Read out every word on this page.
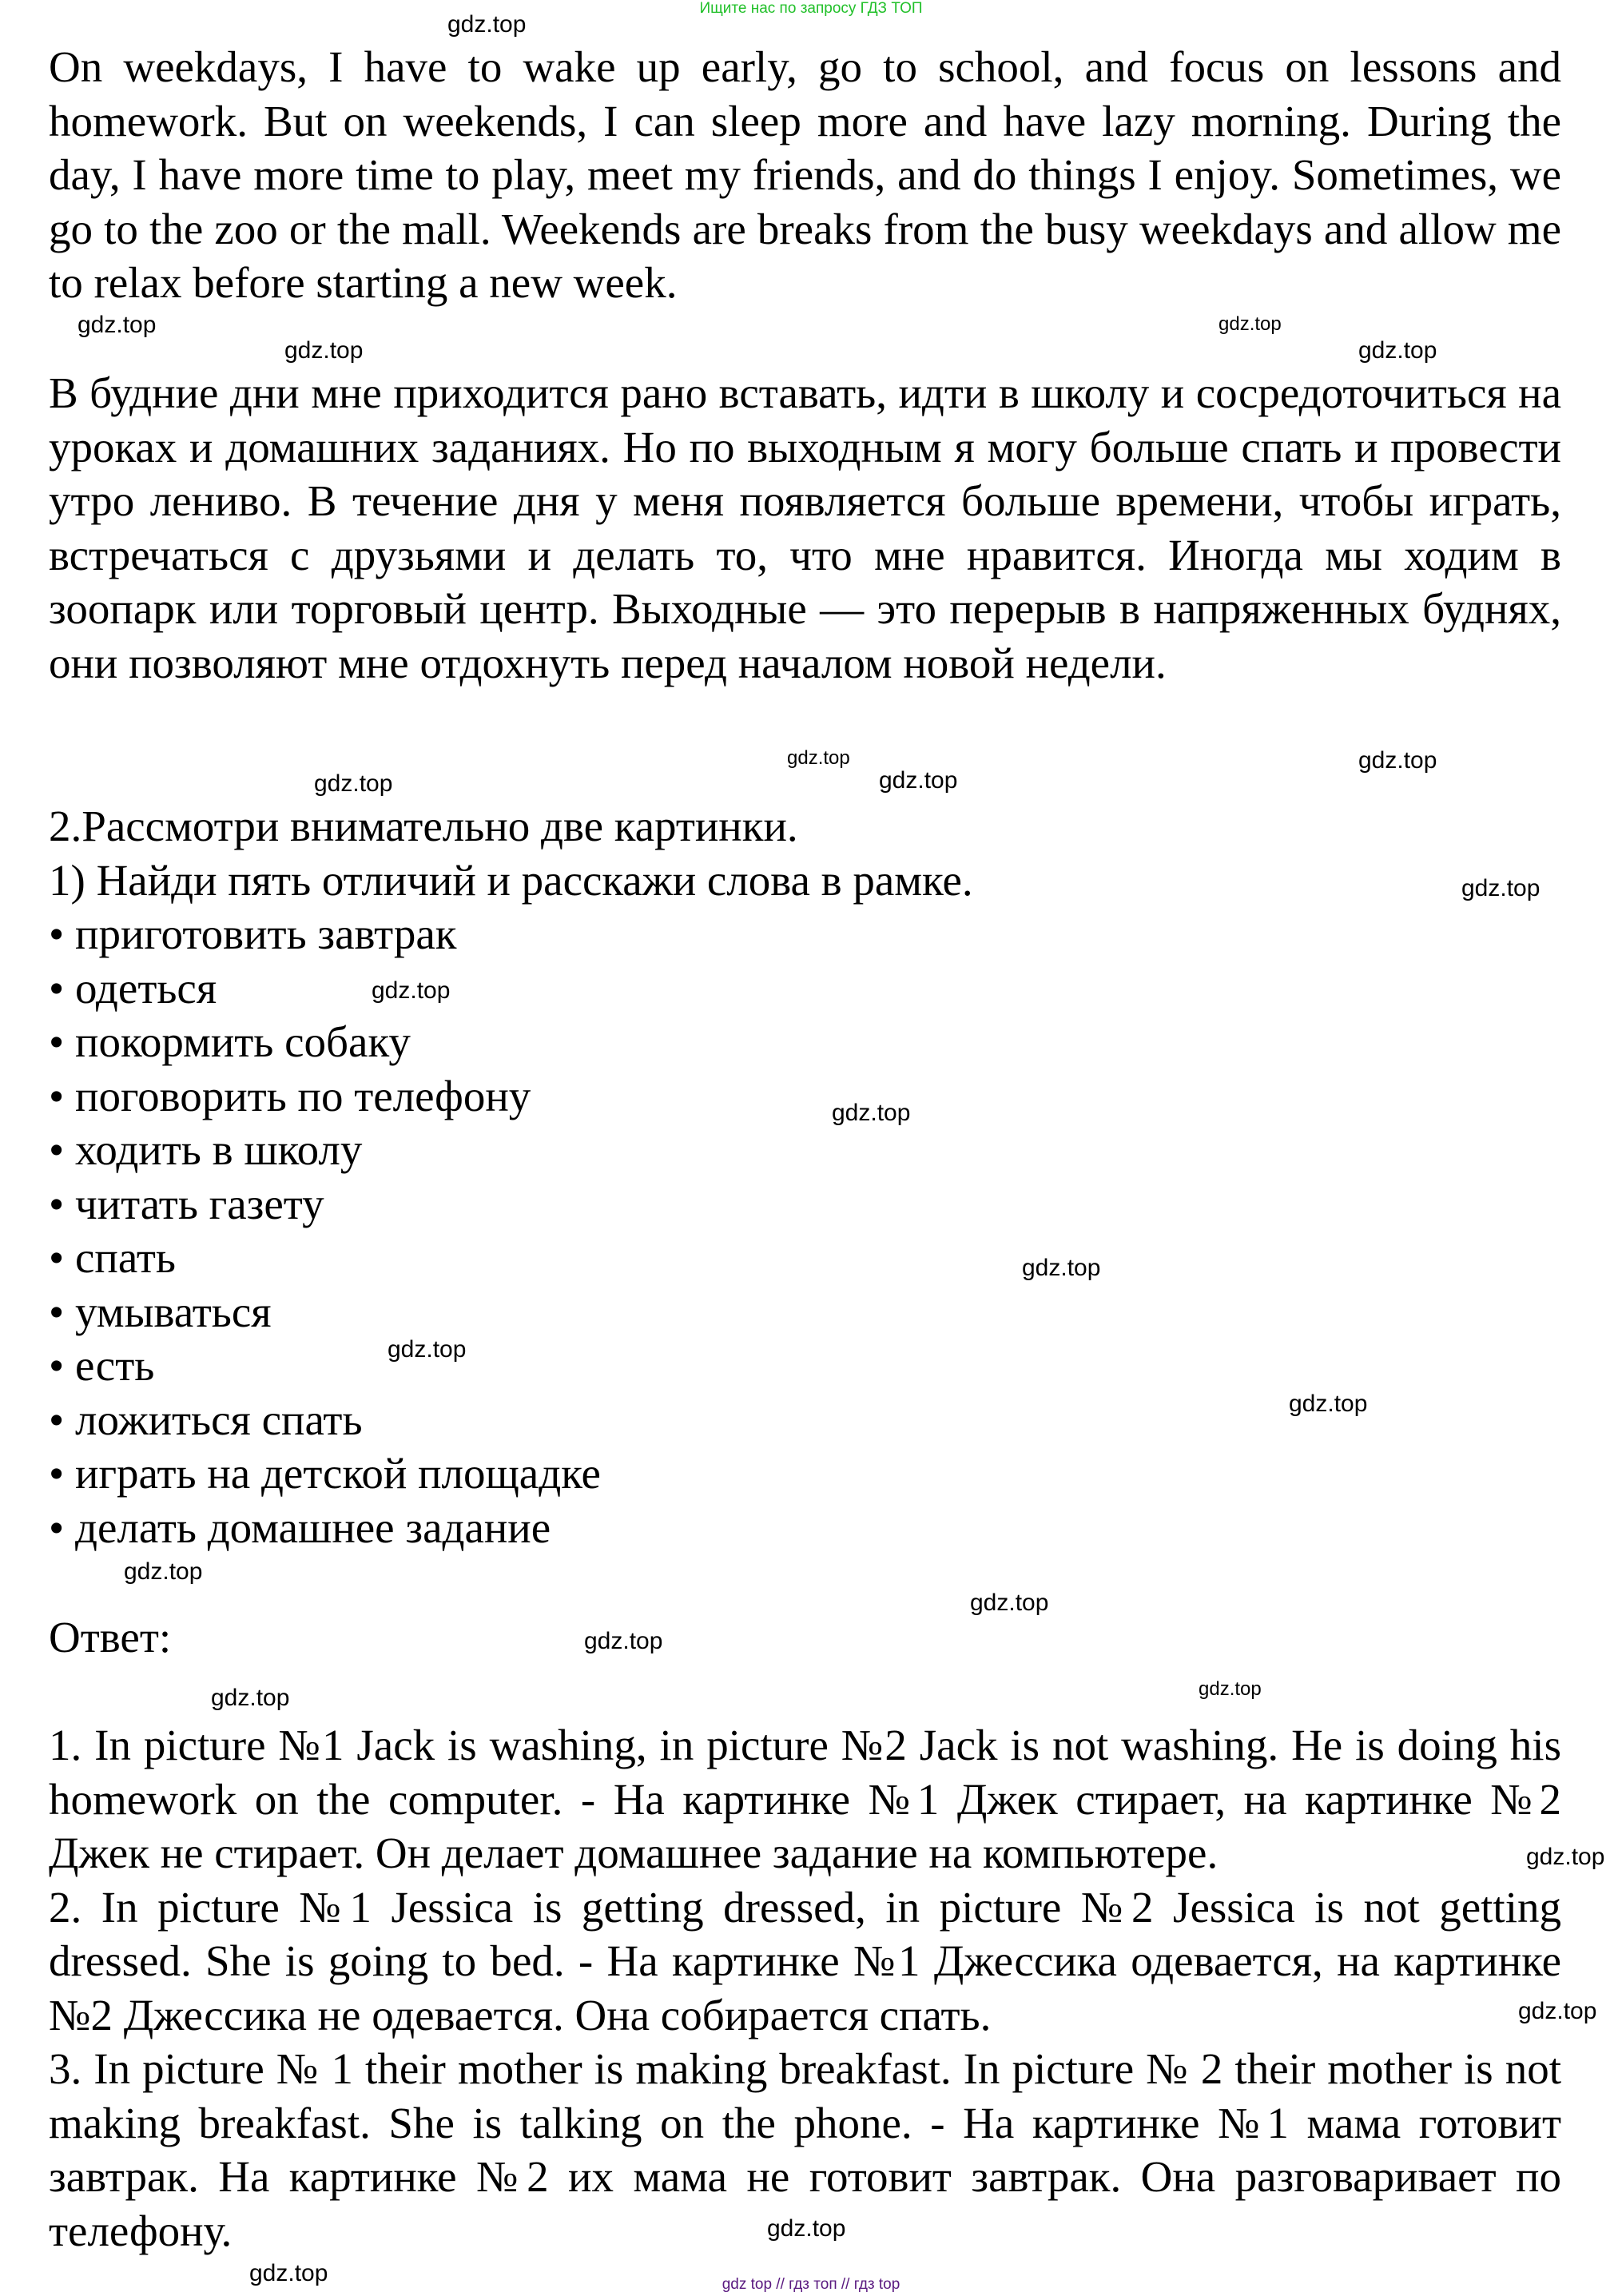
Ищите нас по запросу ГДЗ ТОП
On weekdays, I have to wake up early, go to school, and focus on lessons and homework. But on weekends, I can sleep more and have lazy morning. During the day, I have more time to play, meet my friends, and do things I enjoy. Sometimes, we go to the zoo or the mall. Weekends are breaks from the busy weekdays and allow me to relax before starting a new week.
В будние дни мне приходится рано вставать, идти в школу и сосредоточиться на уроках и домашних заданиях. Но по выходным я могу больше спать и провести утро лениво. В течение дня у меня появляется больше времени, чтобы играть, встречаться с друзьями и делать то, что мне нравится. Иногда мы ходим в зоопарк или торговый центр. Выходные — это перерыв в напряженных буднях, они позволяют мне отдохнуть перед началом новой недели.

2.Рассмотри внимательно две картинки.

1) Найди пять отличий и расскажи слова в рамке.

• приготовить завтрак

• одеться

• покормить собаку

• поговорить по телефону

• ходить в школу

• читать газету

• спать

• умываться

• есть

• ложиться спать

• играть на детской площадке

• делать домашнее задание

Ответ:

1. In picture №1 Jack is washing, in picture №2 Jack is not washing. He is doing his homework on the computer. - На картинке №1 Джек стирает, на картинке №2 Джек не стирает. Он делает домашнее задание на компьютере.

2. In picture №1 Jessica is getting dressed, in picture №2 Jessica is not getting dressed. She is going to bed. - На картинке №1 Джессика одевается, на картинке №2 Джессика не одевается. Она собирается спать.

3. In picture № 1 their mother is making breakfast. In picture № 2 their mother is not making breakfast. She is talking on the phone. - На картинке №1 мама готовит завтрак. На картинке №2 их мама не готовит завтрак. Она разговаривает по телефону.

gdz.top
gdz.top
gdz.top
gdz.top
gdz.top
gdz.top	gdz.top
gdz.top
gdz.top
gdz.top
gdz.top
gdz.top
gdz.top
gdz.top
gdz.top
gdz.top
gdz.top
gdz.top
gdz.top
gdz.top
gdz.top
gdz.top
gdz.top
gdz.top	gdz top // гдз топ // гдз top
